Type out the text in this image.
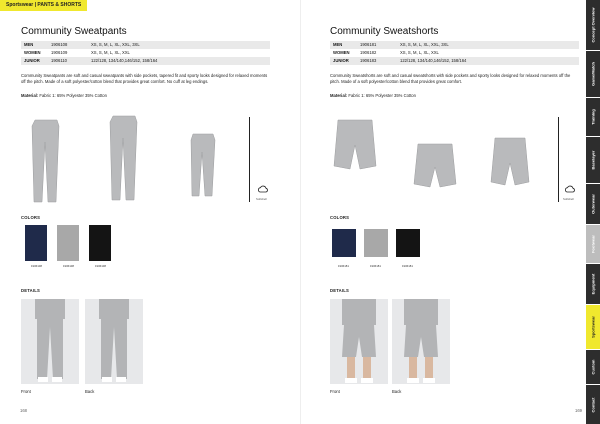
Sportswear | PANTS & SHORTS
Community Sweatpants
MEN	1906108	XS, S, M, L, XL, XXL, 3XL
WOMEN	1906109	XS, S, M, L, XL, XXL
JUNIOR	1906110	122/128, 134/140,146/152, 158/164

Community Sweatpants are soft and casual sweatpants with side pockets, tapered fit and sporty looks designed for relaxed moments off the pitch. Made of a soft polyester/cotton blend that provides great comfort. No cuff at leg endings.

Material: Fabric 1: 65% Polyester 35% Cotton

Softshell
COLORS
1906108	1906108	1906108
DETAILS
Front	Back
168
Community Sweatshorts
MEN	1906181	XS, S, M, L, XL, XXL, 3XL
WOMEN	1906182	XS, S, M, L, XL, XXL
JUNIOR	1906183	122/128, 134/140,146/152, 158/164

Community Sweatshorts are soft and casual sweatshorts with side pockets and sporty looks designed for relaxed moments off the pitch. Made of a soft polyester/cotton blend that provides great comfort.

Material: Fabric 1: 65% Polyester 35% Cotton

Softshell
COLORS
1906181	1906181	1906181
DETAILS
Front	Back
169
Concept Overview
Game/Match
Training
Baselayer
Outerwear
Footwear
Equipment
Sportswear
Custom
Contact
